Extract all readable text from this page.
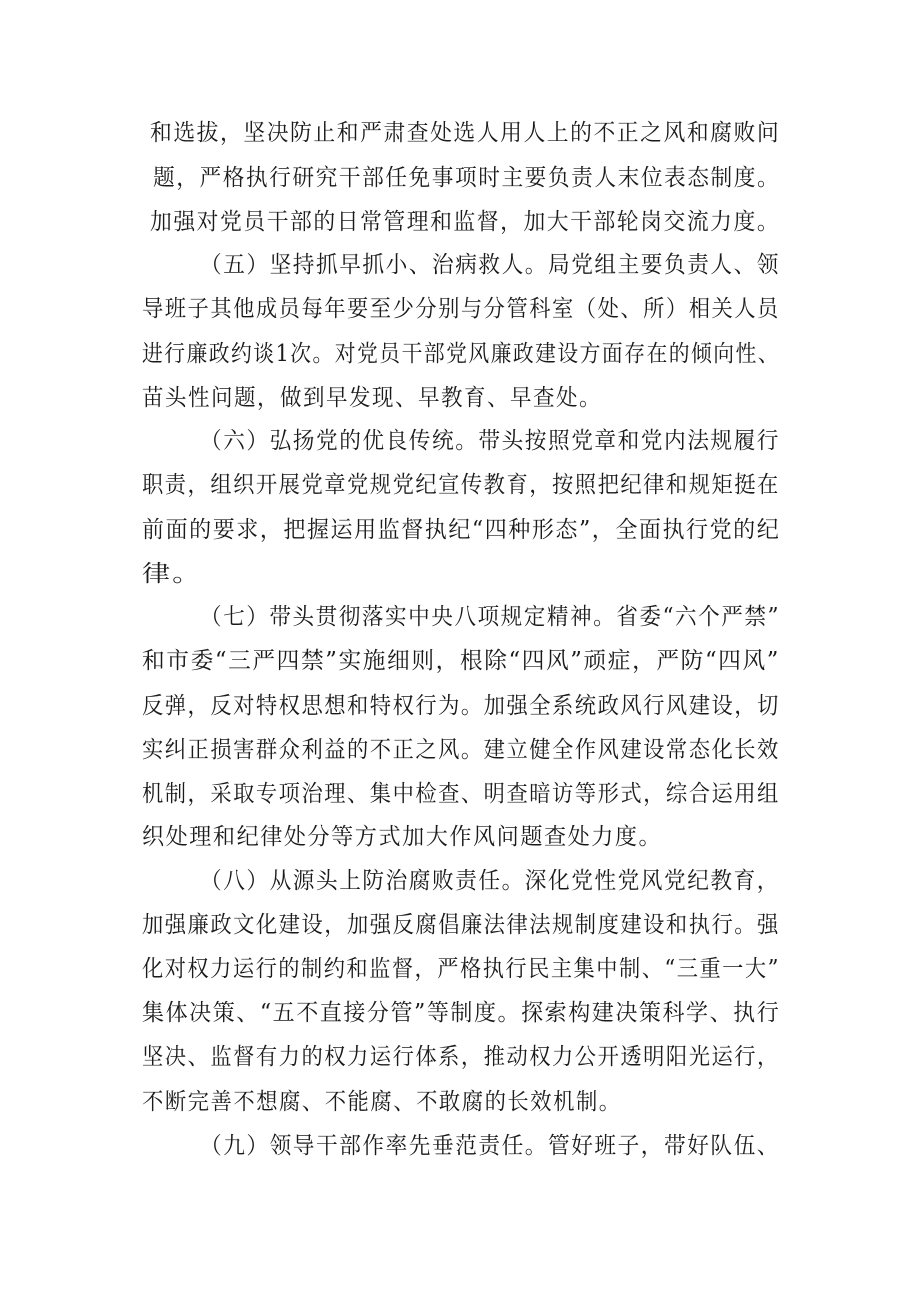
和选拔，坚决防止和严肃查处选人用人上的不正之风和腐败问
题，严格执行研究干部任免事项时主要负责人末位表态制度。
加强对党员干部的日常管理和监督，加大干部轮岗交流力度。
（五）坚持抓早抓小、治病救人。局党组主要负责人、领
导班子其他成员每年要至少分别与分管科室（处、所）相关人员
进行廉政约谈1次。对党员干部党风廉政建设方面存在的倾向性、
苗头性问题，做到早发现、早教育、早查处。
（六）弘扬党的优良传统。带头按照党章和党内法规履行
职责，组织开展党章党规党纪宣传教育，按照把纪律和规矩挺在
前面的要求，把握运用监督执纪“四种形态”，全面执行党的纪
律。
（七）带头贯彻落实中央八项规定精神。省委“六个严禁”
和市委“三严四禁”实施细则，根除“四风”顽症，严防“四风”
反弹，反对特权思想和特权行为。加强全系统政风行风建设，切
实纠正损害群众利益的不正之风。建立健全作风建设常态化长效
机制，采取专项治理、集中检查、明查暗访等形式，综合运用组
织处理和纪律处分等方式加大作风问题查处力度。
（八）从源头上防治腐败责任。深化党性党风党纪教育，
加强廉政文化建设，加强反腐倡廉法律法规制度建设和执行。强
化对权力运行的制约和监督，严格执行民主集中制、“三重一大”
集体决策、“五不直接分管”等制度。探索构建决策科学、执行
坚决、监督有力的权力运行体系，推动权力公开透明阳光运行，
不断完善不想腐、不能腐、不敢腐的长效机制。
（九）领导干部作率先垂范责任。管好班子，带好队伍、
